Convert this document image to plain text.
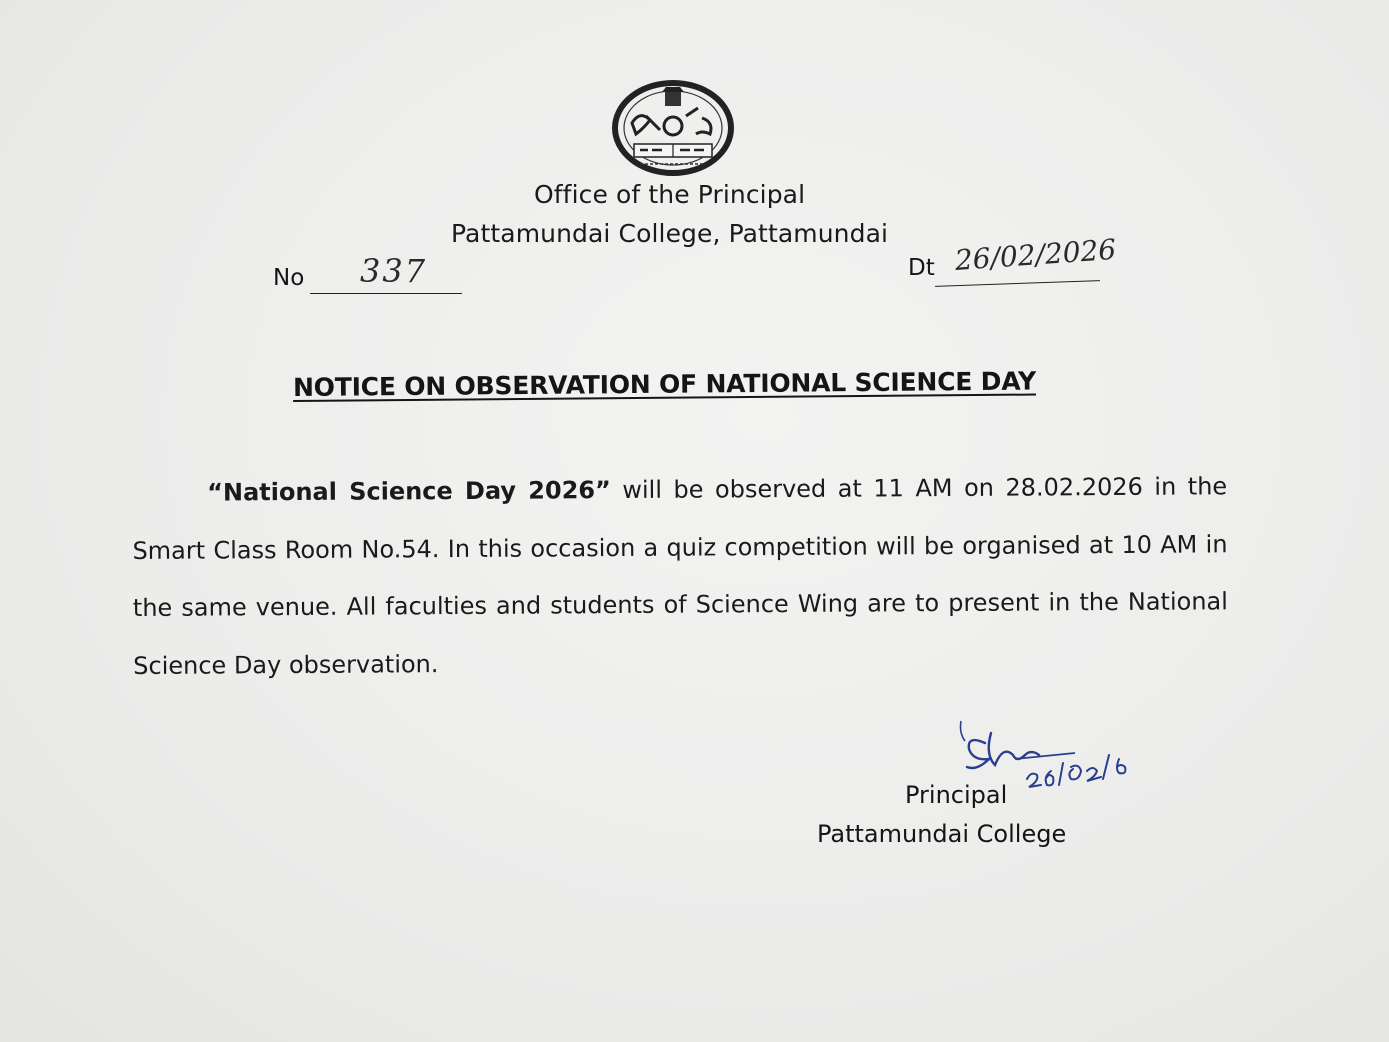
Office of the Principal
Pattamundai College, Pattamundai
No 337	Dt 26/02/2026
NOTICE ON OBSERVATION OF NATIONAL SCIENCE DAY
“National Science Day 2026” will be observed at 11 AM on 28.02.2026 in the Smart Class Room No.54. In this occasion a quiz competition will be organised at 10 AM in the same venue. All faculties and students of Science Wing are to present in the National Science Day observation.
Principal
Pattamundai College
